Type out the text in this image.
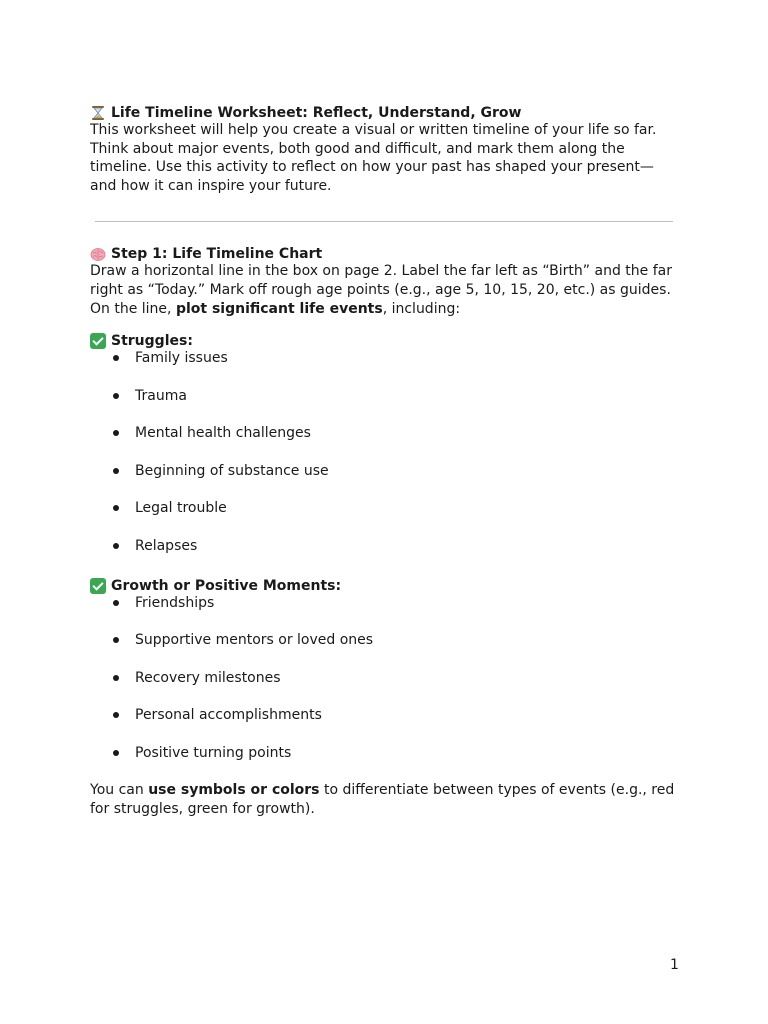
Life Timeline Worksheet: Reflect, Understand, Grow

This worksheet will help you create a visual or written timeline of your life so far. Think about major events, both good and difficult, and mark them along the timeline. Use this activity to reflect on how your past has shaped your present—and how it can inspire your future.

Step 1: Life Timeline Chart

Draw a horizontal line in the box on page 2. Label the far left as “Birth” and the far right as “Today.” Mark off rough age points (e.g., age 5, 10, 15, 20, etc.) as guides.

On the line, plot significant life events, including:

Struggles:
Family issues
Trauma
Mental health challenges
Beginning of substance use
Legal trouble
Relapses
Growth or Positive Moments:
Friendships
Supportive mentors or loved ones
Recovery milestones
Personal accomplishments
Positive turning points

You can use symbols or colors to differentiate between types of events (e.g., red for struggles, green for growth).

1
